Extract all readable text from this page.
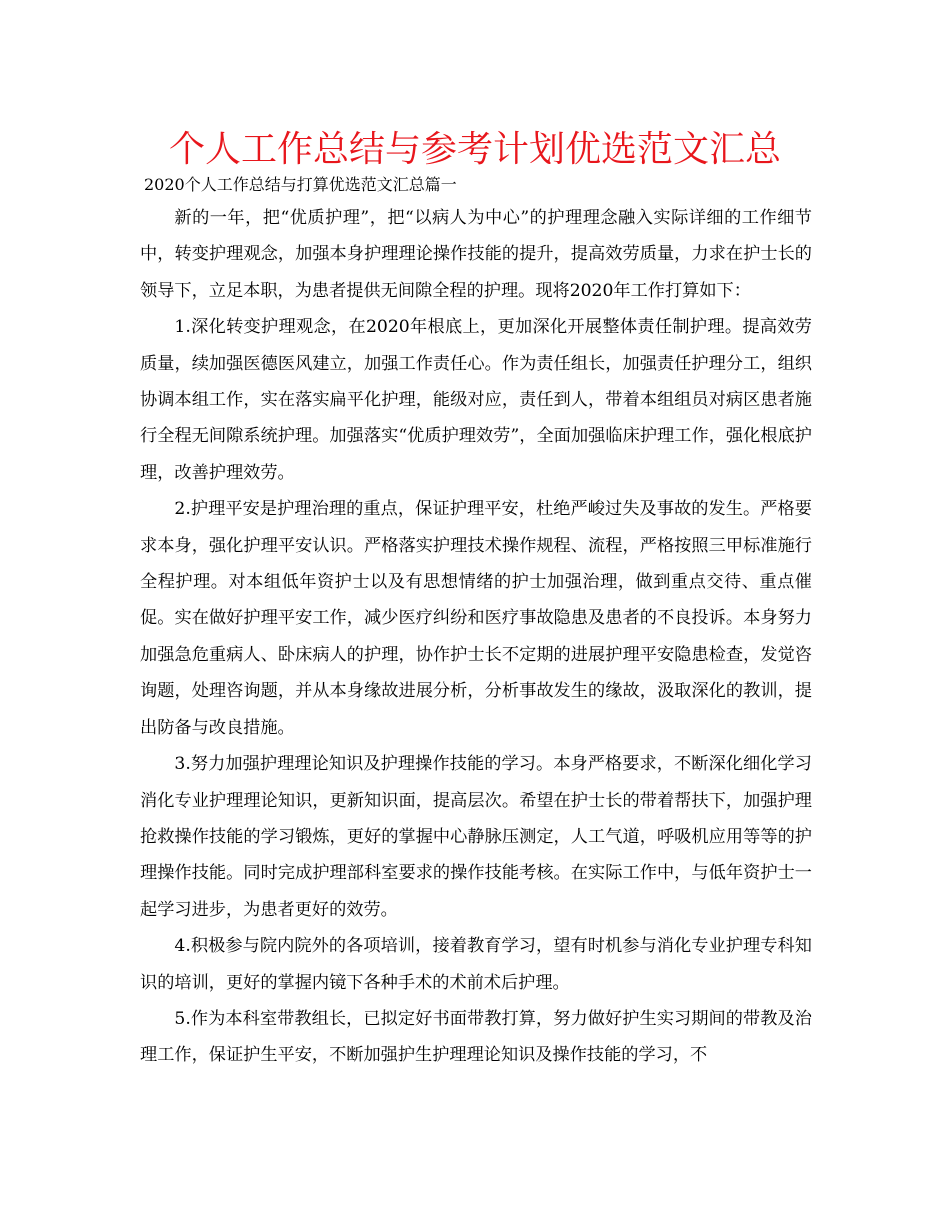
个人工作总结与参考计划优选范文汇总
2020个人工作总结与打算优选范文汇总篇一

新的一年，把“优质护理”，把“以病人为中心”的护理理念融入实际详细的工作细节中，转变护理观念，加强本身护理理论操作技能的提升，提高效劳质量，力求在护士长的领导下，立足本职，为患者提供无间隙全程的护理。现将2020年工作打算如下：

1.深化转变护理观念，在2020年根底上，更加深化开展整体责任制护理。提高效劳质量，续加强医德医风建立，加强工作责任心。作为责任组长，加强责任护理分工，组织协调本组工作，实在落实扁平化护理，能级对应，责任到人，带着本组组员对病区患者施行全程无间隙系统护理。加强落实“优质护理效劳”，全面加强临床护理工作，强化根底护理，改善护理效劳。

2.护理平安是护理治理的重点，保证护理平安，杜绝严峻过失及事故的发生。严格要求本身，强化护理平安认识。严格落实护理技术操作规程、流程，严格按照三甲标准施行全程护理。对本组低年资护士以及有思想情绪的护士加强治理，做到重点交待、重点催促。实在做好护理平安工作，减少医疗纠纷和医疗事故隐患及患者的不良投诉。本身努力加强急危重病人、卧床病人的护理，协作护士长不定期的进展护理平安隐患检查，发觉咨询题，处理咨询题，并从本身缘故进展分析，分析事故发生的缘故，汲取深化的教训，提出防备与改良措施。

3.努力加强护理理论知识及护理操作技能的学习。本身严格要求，不断深化细化学习消化专业护理理论知识，更新知识面，提高层次。希望在护士长的带着帮扶下，加强护理抢救操作技能的学习锻炼，更好的掌握中心静脉压测定，人工气道，呼吸机应用等等的护理操作技能。同时完成护理部科室要求的操作技能考核。在实际工作中，与低年资护士一起学习进步，为患者更好的效劳。

4.积极参与院内院外的各项培训，接着教育学习，望有时机参与消化专业护理专科知识的培训，更好的掌握内镜下各种手术的术前术后护理。

5.作为本科室带教组长，已拟定好书面带教打算，努力做好护生实习期间的带教及治理工作，保证护生平安，不断加强护生护理理论知识及操作技能的学习，不
